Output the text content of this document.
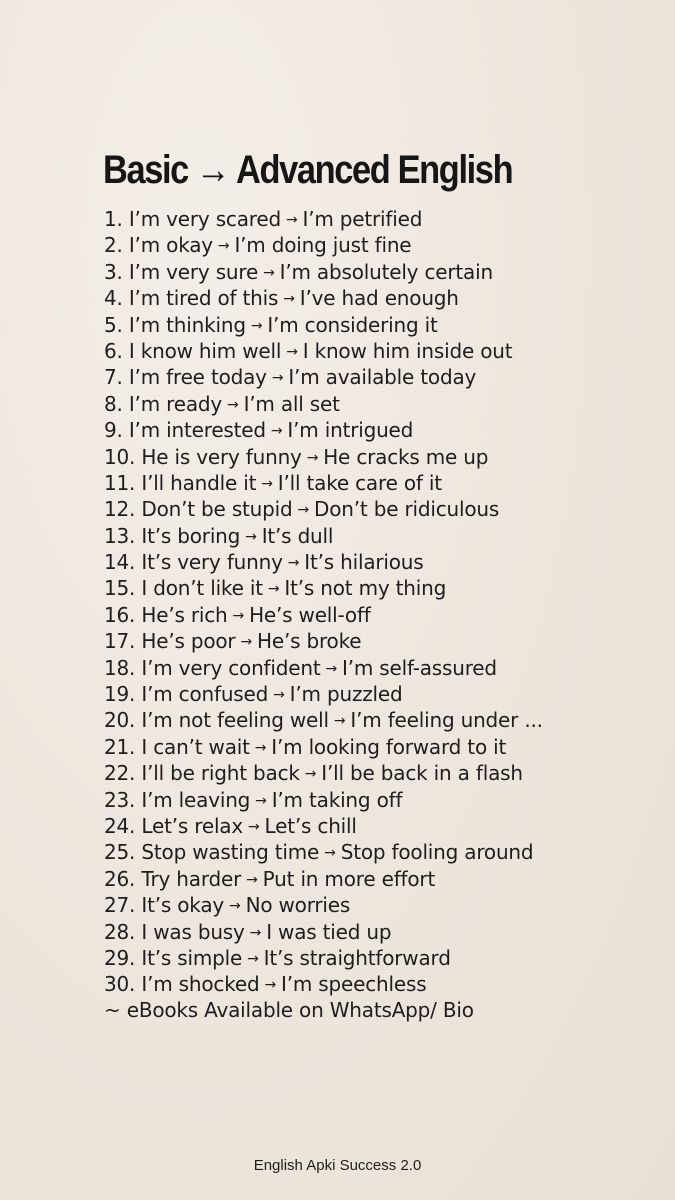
Basic → Advanced English
1. I’m very scared → I’m petrified
2. I’m okay → I’m doing just fine
3. I’m very sure → I’m absolutely certain
4. I’m tired of this → I’ve had enough
5. I’m thinking → I’m considering it
6. I know him well → I know him inside out
7. I’m free today → I’m available today
8. I’m ready → I’m all set
9. I’m interested → I’m intrigued
10. He is very funny → He cracks me up
11. I’ll handle it → I’ll take care of it
12. Don’t be stupid → Don’t be ridiculous
13. It’s boring → It’s dull
14. It’s very funny → It’s hilarious
15. I don’t like it → It’s not my thing
16. He’s rich → He’s well-off
17. He’s poor → He’s broke
18. I’m very confident → I’m self-assured
19. I’m confused → I’m puzzled
20. I’m not feeling well → I’m feeling under ...
21. I can’t wait → I’m looking forward to it
22. I’ll be right back → I’ll be back in a flash
23. I’m leaving → I’m taking off
24. Let’s relax → Let’s chill
25. Stop wasting time → Stop fooling around
26. Try harder → Put in more effort
27. It’s okay → No worries
28. I was busy → I was tied up
29. It’s simple → It’s straightforward
30. I’m shocked → I’m speechless

~ eBooks Available on WhatsApp/ Bio

English Apki Success 2.0
